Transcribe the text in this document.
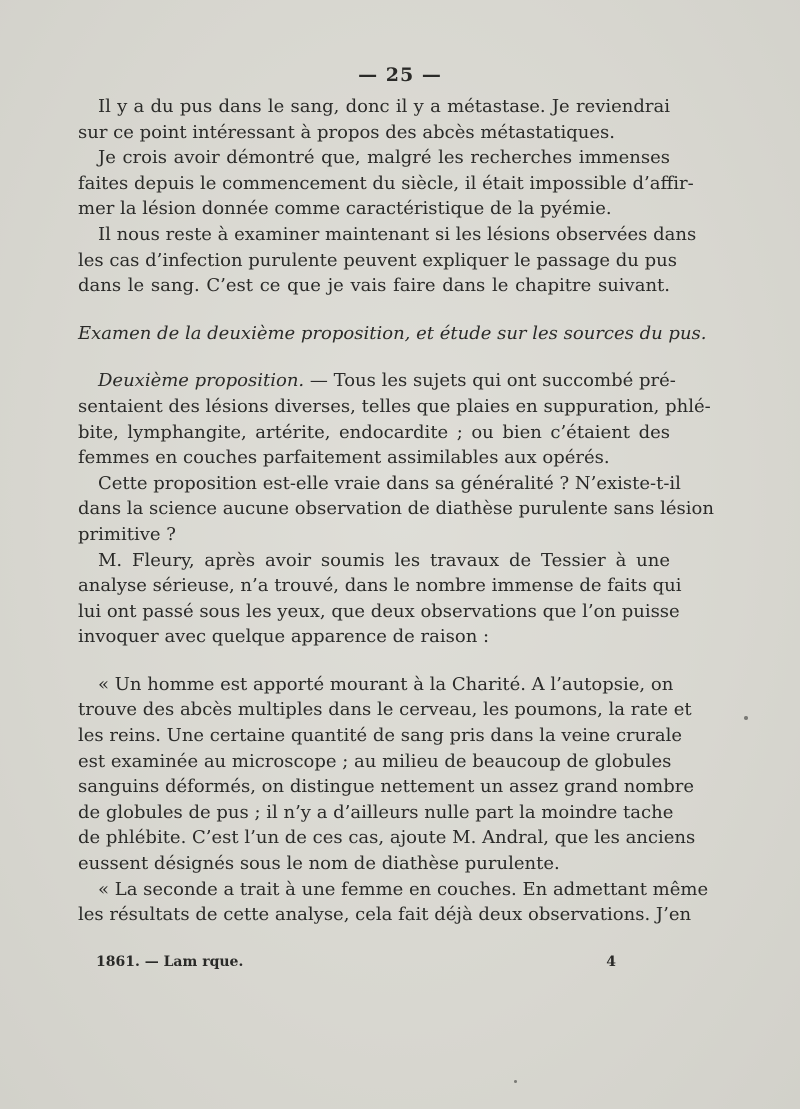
— 25 —
Il y a du pus dans le sang, donc il y a métastase. Je reviendrai
sur ce point intéressant à propos des abcès métastatiques.
Je crois avoir démontré que, malgré les recherches immenses
faites depuis le commencement du siècle, il était impossible d’affir-
mer la lésion donnée comme caractéristique de la pyémie.
Il nous reste à examiner maintenant si les lésions observées dans
les cas d’infection purulente peuvent expliquer le passage du pus
dans le sang. C’est ce que je vais faire dans le chapitre suivant.
Examen de la deuxième proposition, et étude sur les sources du pus.
Deuxième proposition. — Tous les sujets qui ont succombé pré-
sentaient des lésions diverses, telles que plaies en suppuration, phlé-
bite, lymphangite, artérite, endocardite ; ou bien c’étaient des
femmes en couches parfaitement assimilables aux opérés.
Cette proposition est-elle vraie dans sa généralité ? N’existe-t-il
dans la science aucune observation de diathèse purulente sans lésion
primitive ?
M. Fleury, après avoir soumis les travaux de Tessier à une
analyse sérieuse, n’a trouvé, dans le nombre immense de faits qui
lui ont passé sous les yeux, que deux observations que l’on puisse
invoquer avec quelque apparence de raison :
« Un homme est apporté mourant à la Charité. A l’autopsie, on
trouve des abcès multiples dans le cerveau, les poumons, la rate et
les reins. Une certaine quantité de sang pris dans la veine crurale
est examinée au microscope ; au milieu de beaucoup de globules
sanguins déformés, on distingue nettement un assez grand nombre
de globules de pus ; il n’y a d’ailleurs nulle part la moindre tache
de phlébite. C’est l’un de ces cas, ajoute M. Andral, que les anciens
eussent désignés sous le nom de diathèse purulente.
« La seconde a trait à une femme en couches. En admettant même
les résultats de cette analyse, cela fait déjà deux observations. J’en
1861. — Lam rque.	4
